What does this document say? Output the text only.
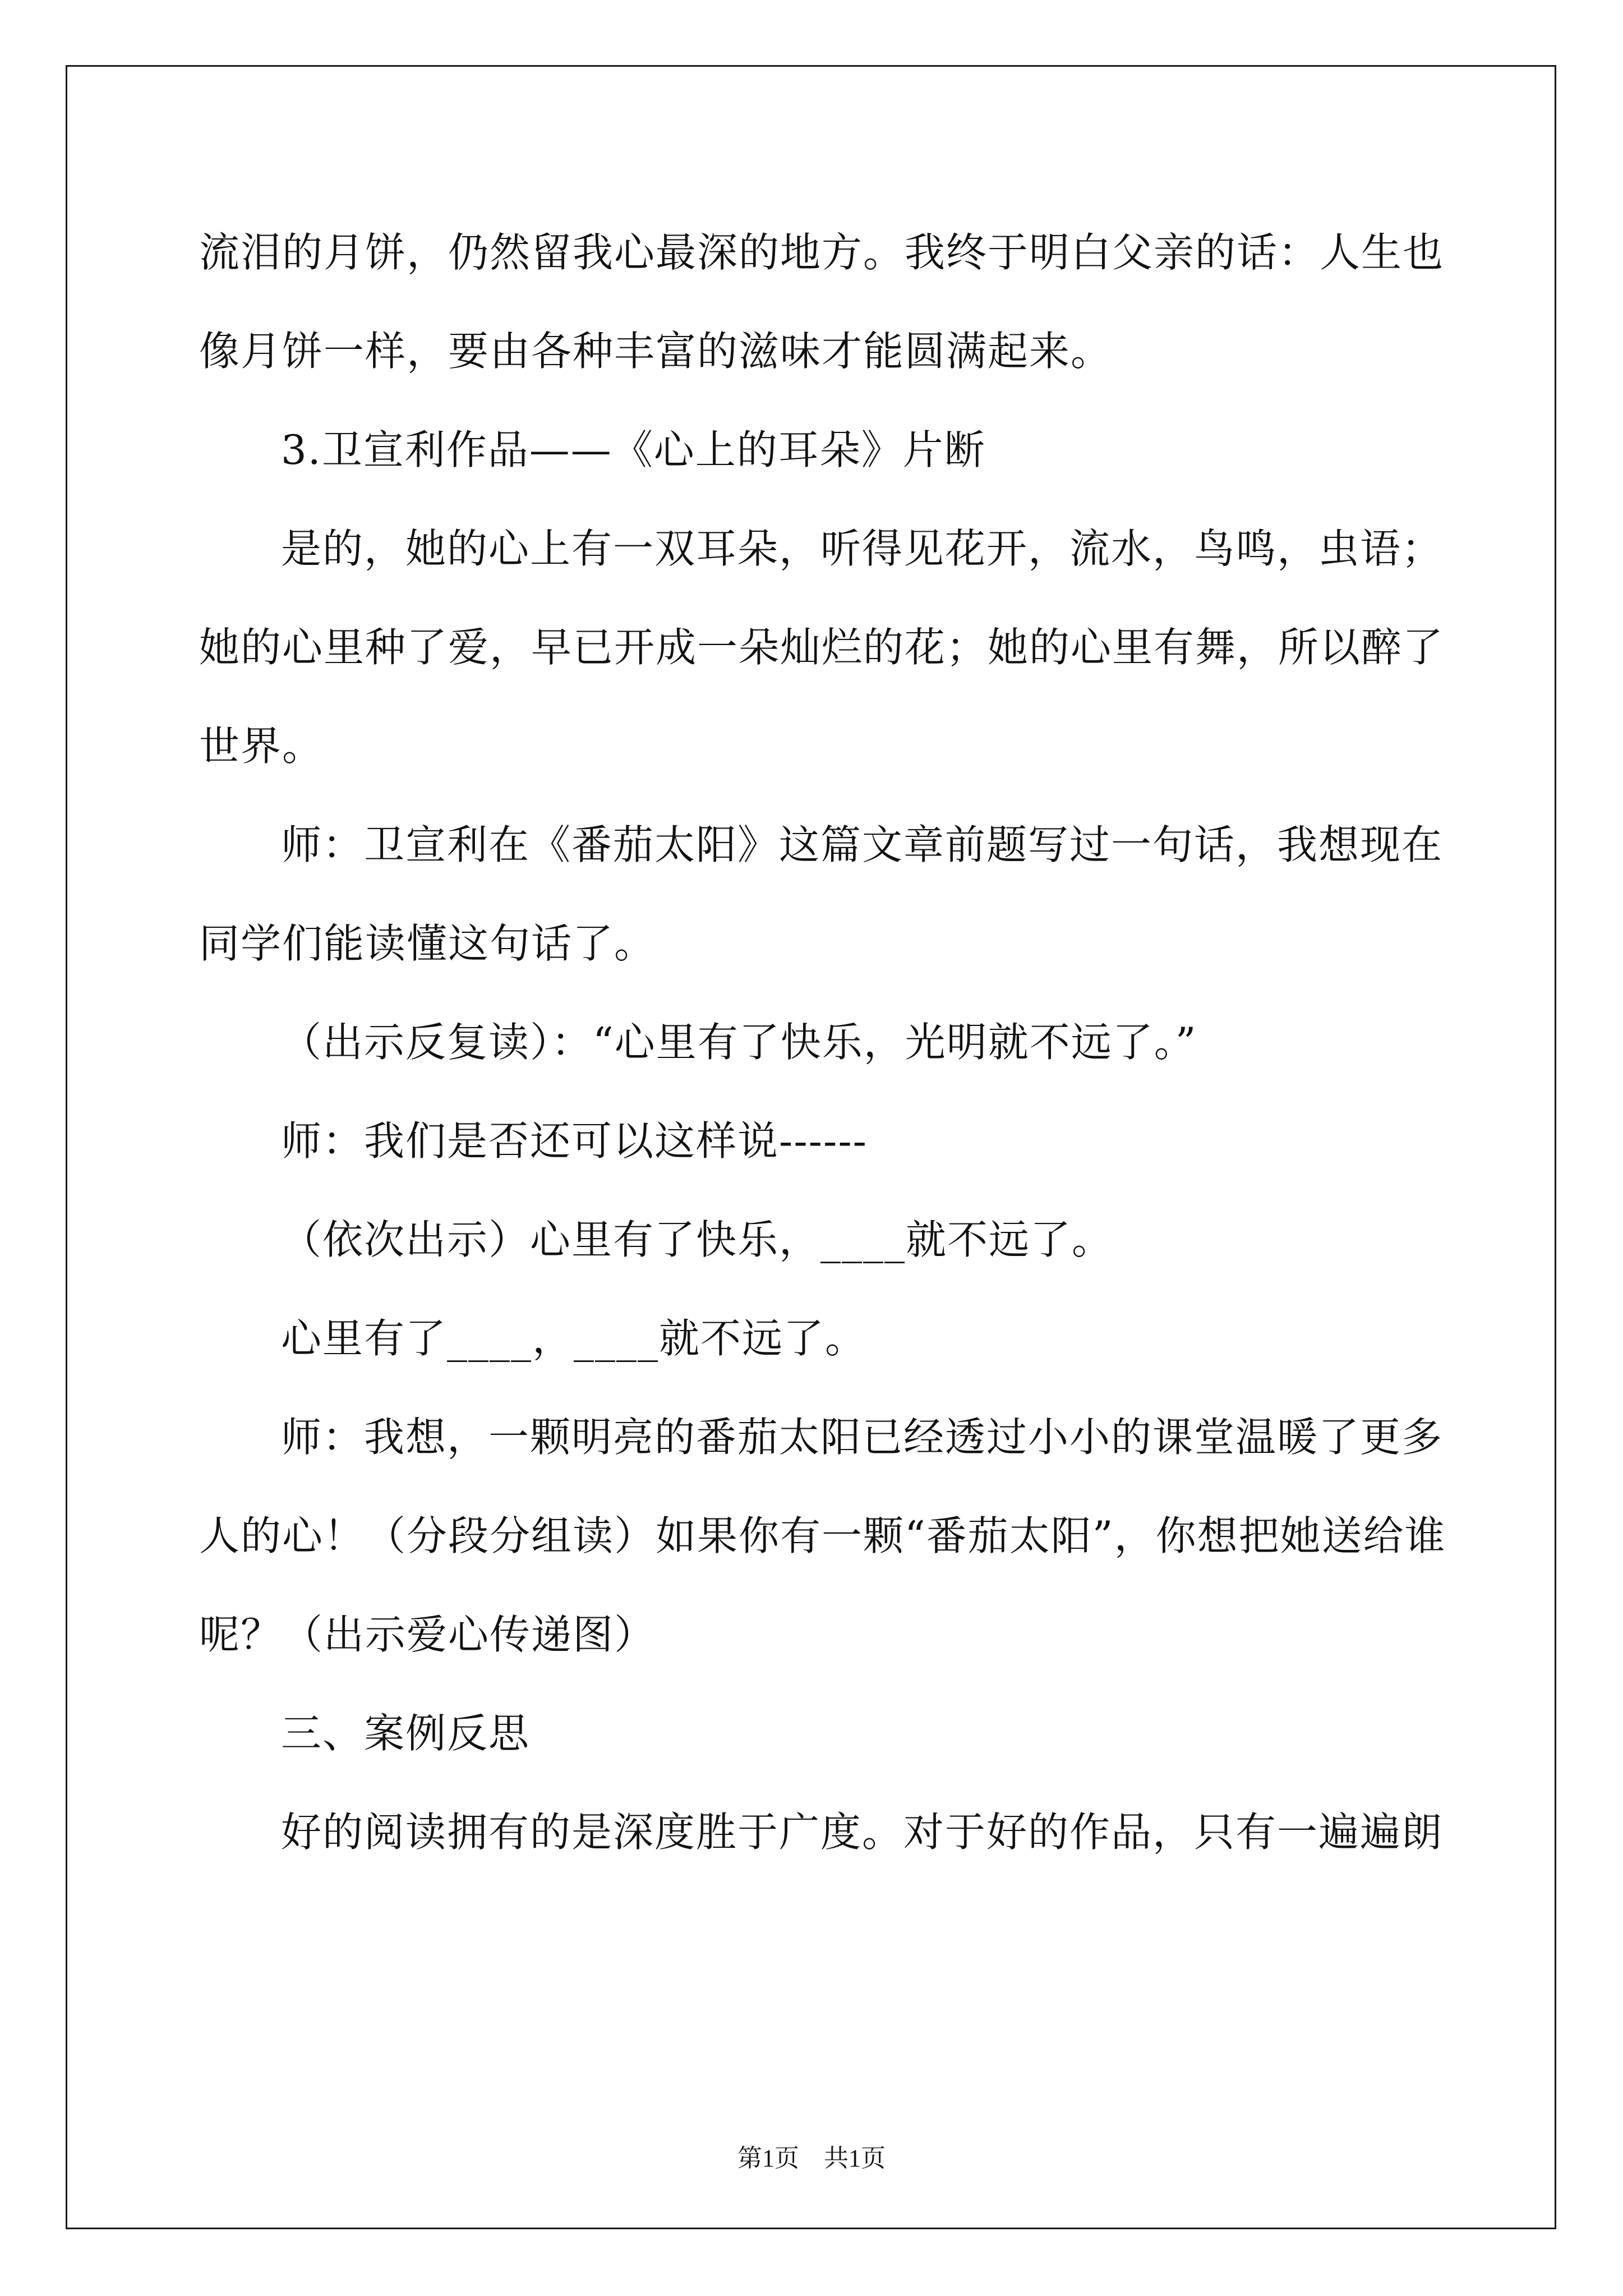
流泪的月饼，仍然留我心最深的地方。我终于明白父亲的话：人生也
像月饼一样，要由各种丰富的滋味才能圆满起来。
3.卫宣利作品——《心上的耳朵》片断
是的，她的心上有一双耳朵，听得见花开，流水，鸟鸣，虫语；
她的心里种了爱，早已开成一朵灿烂的花；她的心里有舞，所以醉了
世界。
师：卫宣利在《番茄太阳》这篇文章前题写过一句话，我想现在
同学们能读懂这句话了。
（出示反复读）：“心里有了快乐，光明就不远了。”
师：我们是否还可以这样说------
（依次出示）心里有了快乐，____就不远了。
心里有了____，____就不远了。
师：我想，一颗明亮的番茄太阳已经透过小小的课堂温暖了更多
人的心！（分段分组读）如果你有一颗“番茄太阳”，你想把她送给谁
呢？（出示爱心传递图）
三、案例反思
好的阅读拥有的是深度胜于广度。对于好的作品，只有一遍遍朗
第1页　共1页
